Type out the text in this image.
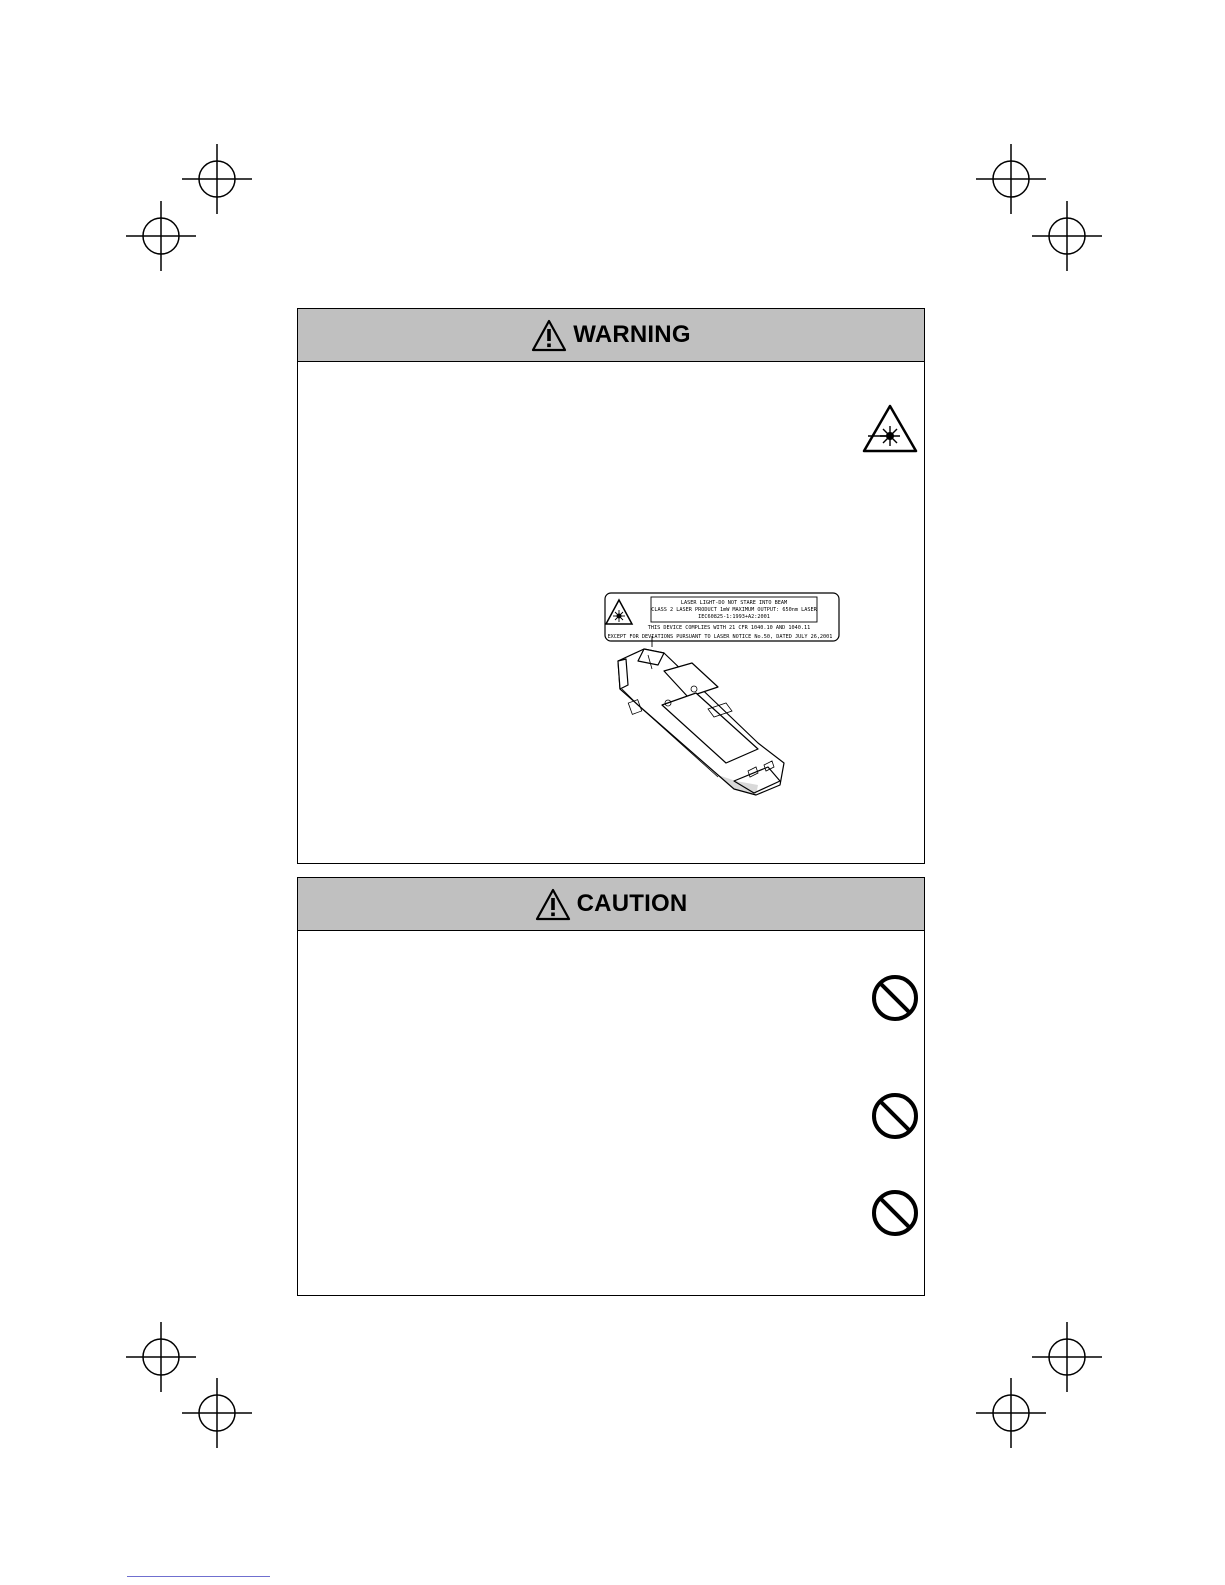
WARNING
LASER LIGHT-DO NOT STARE INTO BEAM
CLASS 2 LASER PRODUCT 1mW MAXIMUM OUTPUT: 650nm LASER
IEC60825-1:1993+A2:2001
THIS DEVICE COMPLIES WITH 21 CFR 1040.10 AND 1040.11
EXCEPT FOR DEVIATIONS PURSUANT TO LASER NOTICE No.50, DATED JULY 26,2001
CAUTION
